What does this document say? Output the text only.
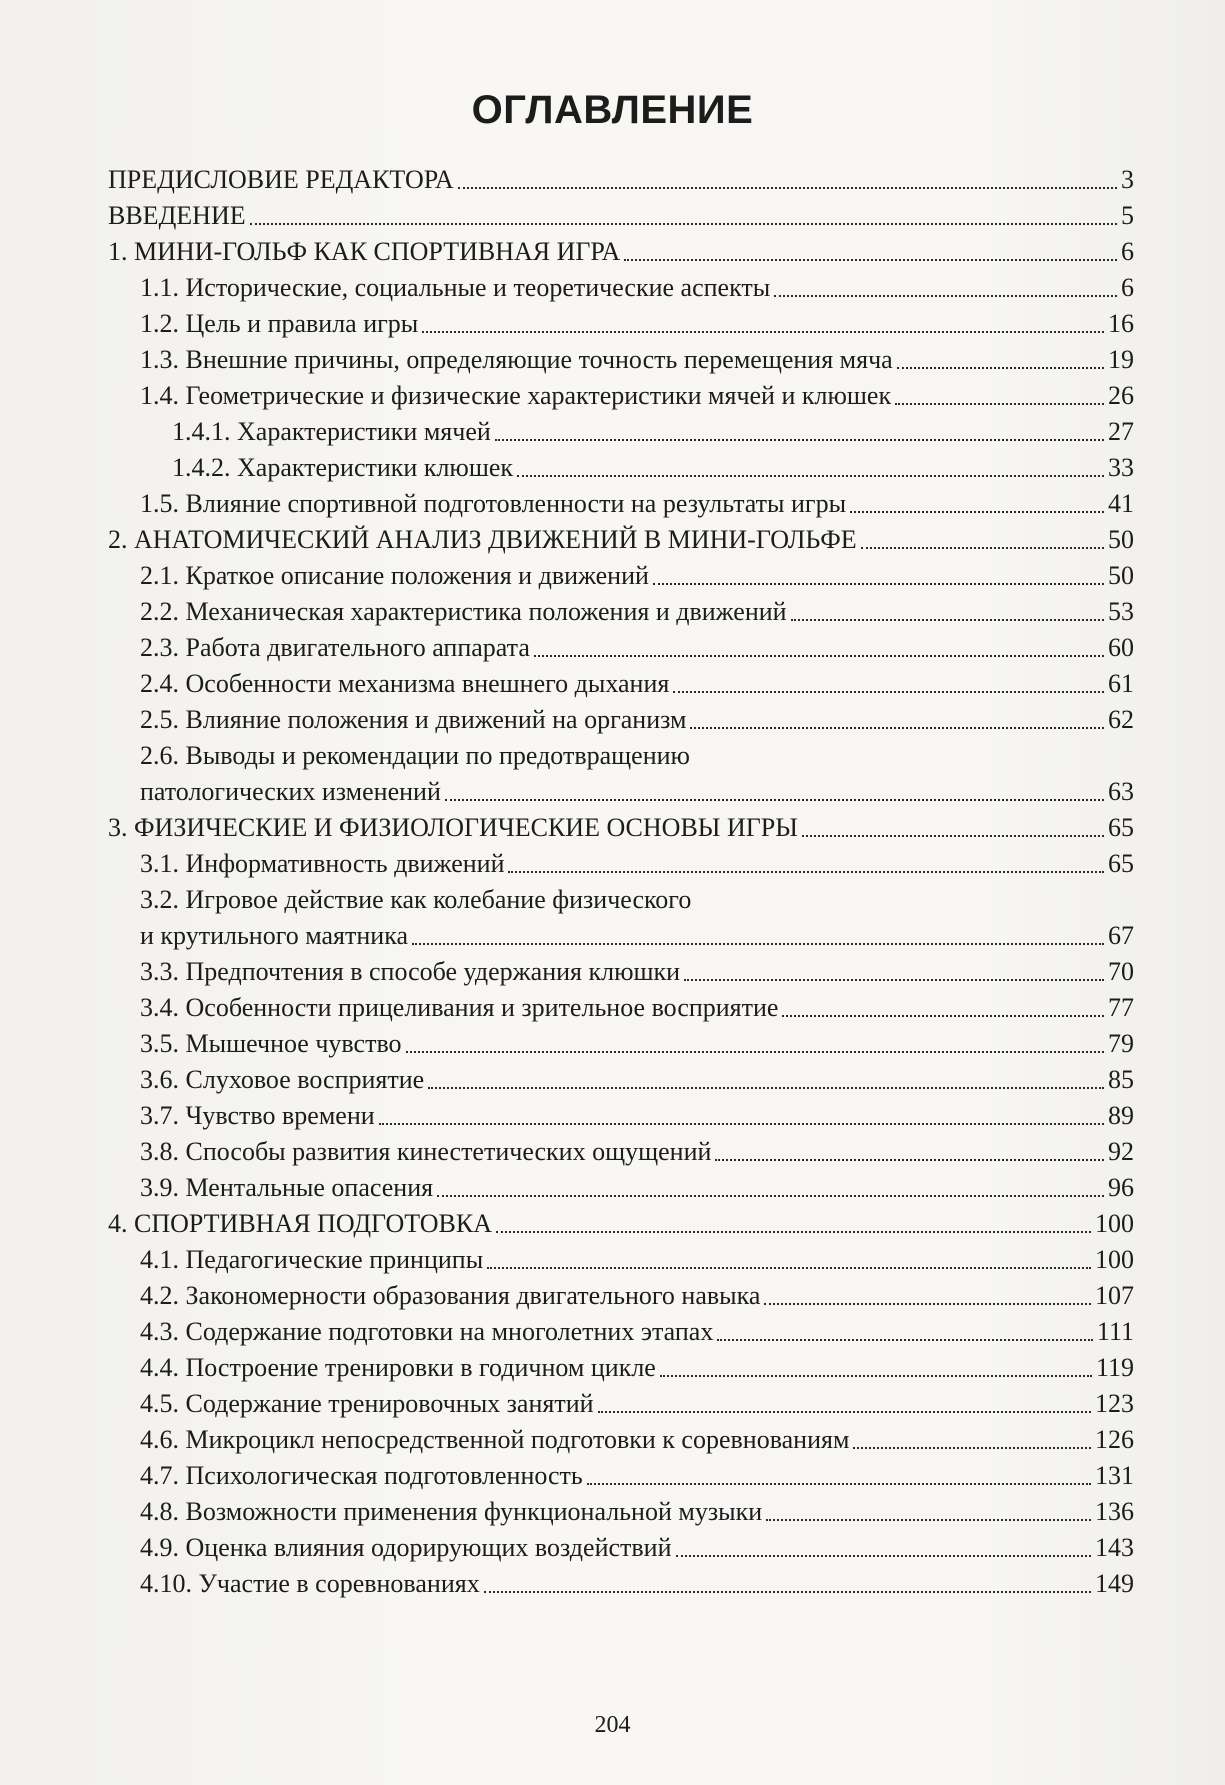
ОГЛАВЛЕНИЕ
ПРЕДИСЛОВИЕ РЕДАКТОРА	3
ВВЕДЕНИЕ	5
1. МИНИ-ГОЛЬФ КАК СПОРТИВНАЯ ИГРА	6
1.1. Исторические, социальные и теоретические аспекты	6
1.2. Цель и правила игры	16
1.3. Внешние причины, определяющие точность перемещения мяча	19
1.4. Геометрические и физические характеристики мячей и клюшек	26
1.4.1. Характеристики мячей	27
1.4.2. Характеристики клюшек	33
1.5. Влияние спортивной подготовленности на результаты игры	41
2. АНАТОМИЧЕСКИЙ АНАЛИЗ ДВИЖЕНИЙ В МИНИ-ГОЛЬФЕ	50
2.1. Краткое описание положения и движений	50
2.2. Механическая характеристика положения и движений	53
2.3. Работа двигательного аппарата	60
2.4. Особенности механизма внешнего дыхания	61
2.5. Влияние положения и движений на организм	62
2.6. Выводы и рекомендации по предотвращению
патологических изменений	63
3. ФИЗИЧЕСКИЕ И ФИЗИОЛОГИЧЕСКИЕ ОСНОВЫ ИГРЫ	65
3.1. Информативность движений	65
3.2. Игровое действие как колебание физического
и крутильного маятника	67
3.3. Предпочтения в способе удержания клюшки	70
3.4. Особенности прицеливания и зрительное восприятие	77
3.5. Мышечное чувство	79
3.6. Слуховое восприятие	85
3.7. Чувство времени	89
3.8. Способы развития кинестетических ощущений	92
3.9. Ментальные опасения	96
4. СПОРТИВНАЯ ПОДГОТОВКА	100
4.1. Педагогические принципы	100
4.2. Закономерности образования двигательного навыка	107
4.3. Содержание подготовки на многолетних этапах	111
4.4. Построение тренировки в годичном цикле	119
4.5. Содержание тренировочных занятий	123
4.6. Микроцикл непосредственной подготовки к соревнованиям	126
4.7. Психологическая подготовленность	131
4.8. Возможности применения функциональной музыки	136
4.9. Оценка влияния одорирующих воздействий	143
4.10. Участие в соревнованиях	149
204
